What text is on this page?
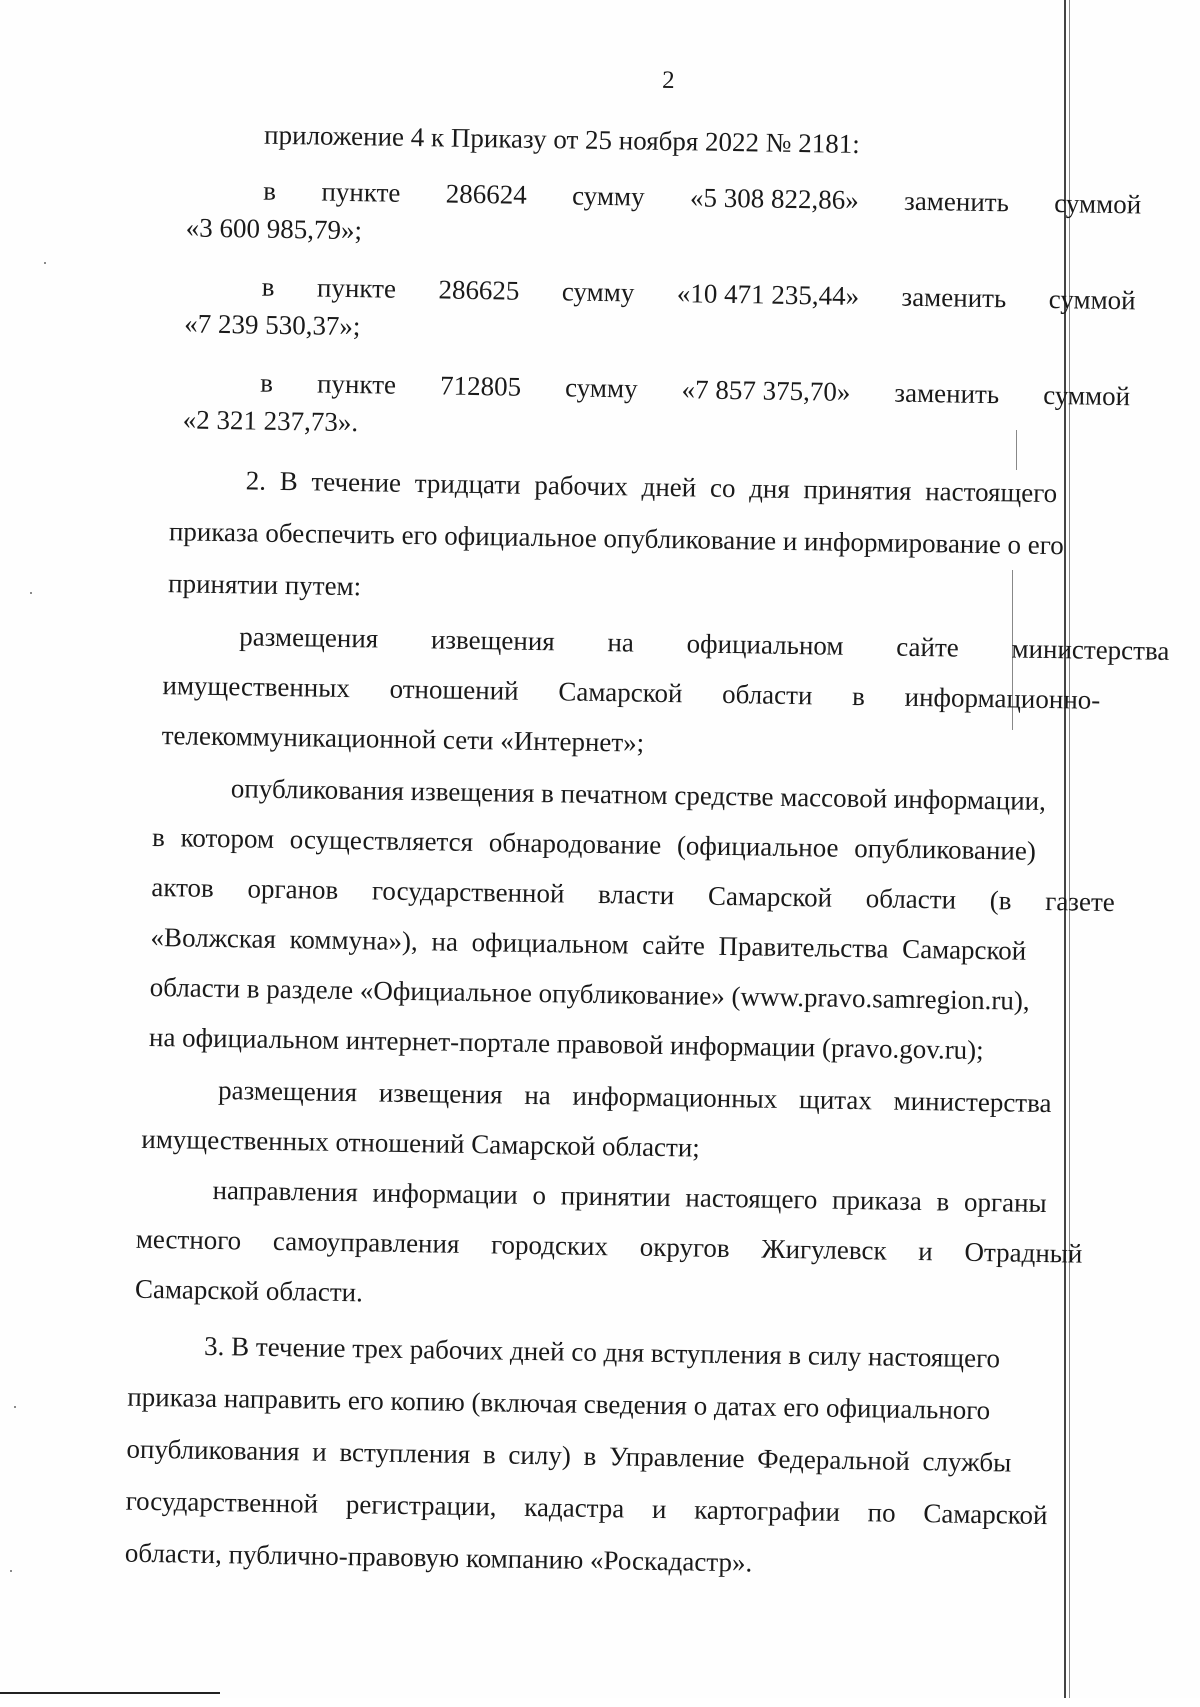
2
приложение 4 к Приказу от 25 ноября 2022 № 2181:
в пункте 286624 сумму «5 308 822,86» заменить суммой
«3 600 985,79»;
в пункте 286625 сумму «10 471 235,44» заменить суммой
«7 239 530,37»;
в пункте 712805 сумму «7 857 375,70» заменить суммой
«2 321 237,73».
2. В течение тридцати рабочих дней со дня принятия настоящего
приказа обеспечить его официальное опубликование и информирование о его
принятии путем:
размещения извещения на официальном сайте министерства
имущественных отношений Самарской области в информационно-
телекоммуникационной сети «Интернет»;
опубликования извещения в печатном средстве массовой информации,
в котором осуществляется обнародование (официальное опубликование)
актов органов государственной власти Самарской области (в газете
«Волжская коммуна»), на официальном сайте Правительства Самарской
области в разделе «Официальное опубликование» (www.pravo.samregion.ru),
на официальном интернет-портале правовой информации (pravo.gov.ru);
размещения извещения на информационных щитах министерства
имущественных отношений Самарской области;
направления информации о принятии настоящего приказа в органы
местного самоуправления городских округов Жигулевск и Отрадный
Самарской области.
3. В течение трех рабочих дней со дня вступления в силу настоящего
приказа направить его копию (включая сведения о датах его официального
опубликования и вступления в силу) в Управление Федеральной службы
государственной регистрации, кадастра и картографии по Самарской
области, публично-правовую компанию «Роскадастр».
